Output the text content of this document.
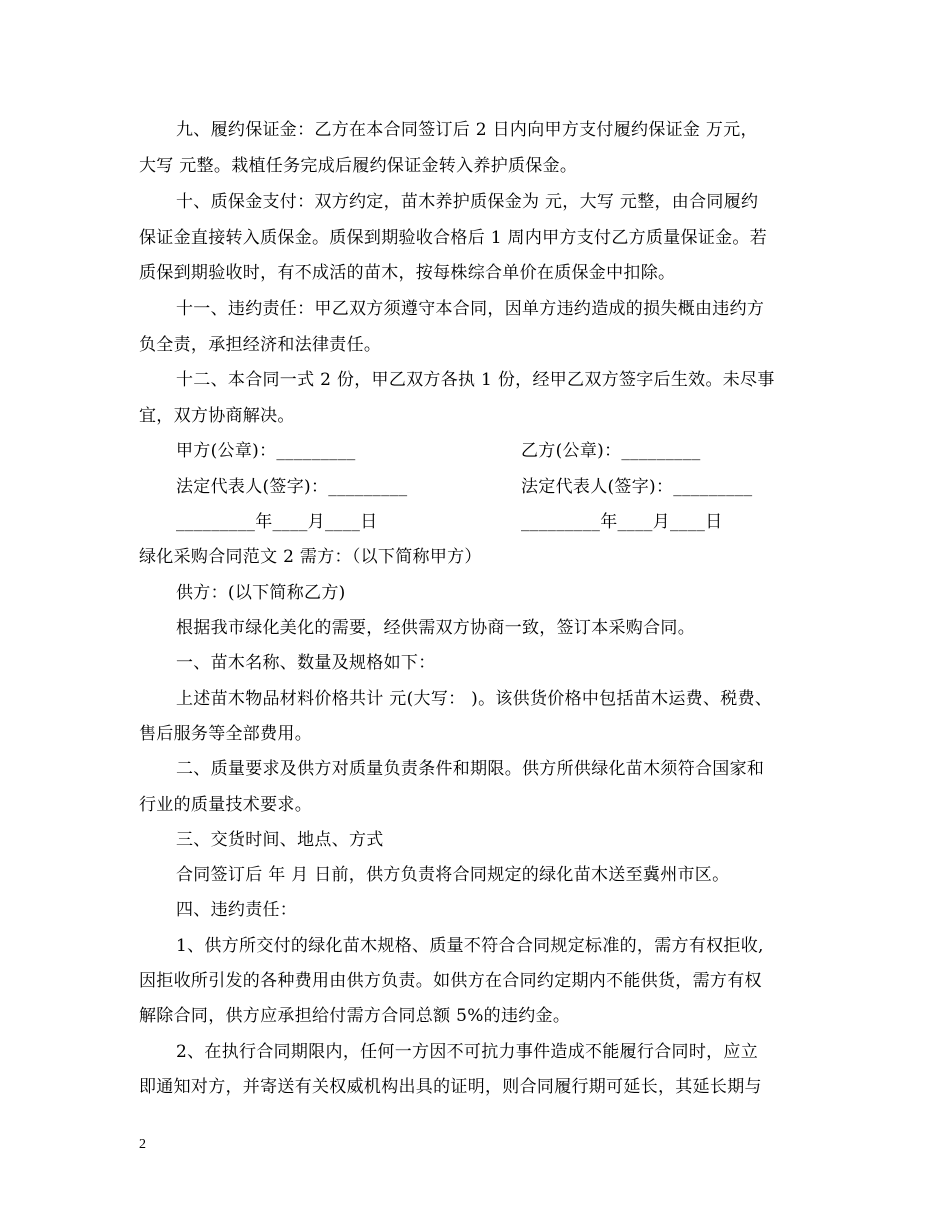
九、履约保证金：乙方在本合同签订后 2 日内向甲方支付履约保证金 万元，
大写 元整。栽植任务完成后履约保证金转入养护质保金。
十、质保金支付：双方约定，苗木养护质保金为 元，大写 元整，由合同履约
保证金直接转入质保金。质保到期验收合格后 1 周内甲方支付乙方质量保证金。若
质保到期验收时，有不成活的苗木，按每株综合单价在质保金中扣除。
十一、违约责任：甲乙双方须遵守本合同，因单方违约造成的损失概由违约方
负全责，承担经济和法律责任。
十二、本合同一式 2 份，甲乙双方各执 1 份，经甲乙双方签字后生效。未尽事
宜，双方协商解决。
甲方(公章)：_________	乙方(公章)：_________
法定代表人(签字)：_________	法定代表人(签字)：_________
_________年____月____日	_________年____月____日
绿化采购合同范文 2 需方：（以下简称甲方）
供方：(以下简称乙方)
根据我市绿化美化的需要，经供需双方协商一致，签订本采购合同。
一、苗木名称、数量及规格如下：
上述苗木物品材料价格共计 元(大写： )。该供货价格中包括苗木运费、税费、
售后服务等全部费用。
二、质量要求及供方对质量负责条件和期限。供方所供绿化苗木须符合国家和
行业的质量技术要求。
三、交货时间、地点、方式
合同签订后 年 月 日前，供方负责将合同规定的绿化苗木送至冀州市区。
四、违约责任：
1、供方所交付的绿化苗木规格、质量不符合合同规定标准的，需方有权拒收,
因拒收所引发的各种费用由供方负责。如供方在合同约定期内不能供货，需方有权
解除合同，供方应承担给付需方合同总额 5%的违约金。
2、在执行合同期限内，任何一方因不可抗力事件造成不能履行合同时，应立
即通知对方，并寄送有关权威机构出具的证明，则合同履行期可延长，其延长期与
2
